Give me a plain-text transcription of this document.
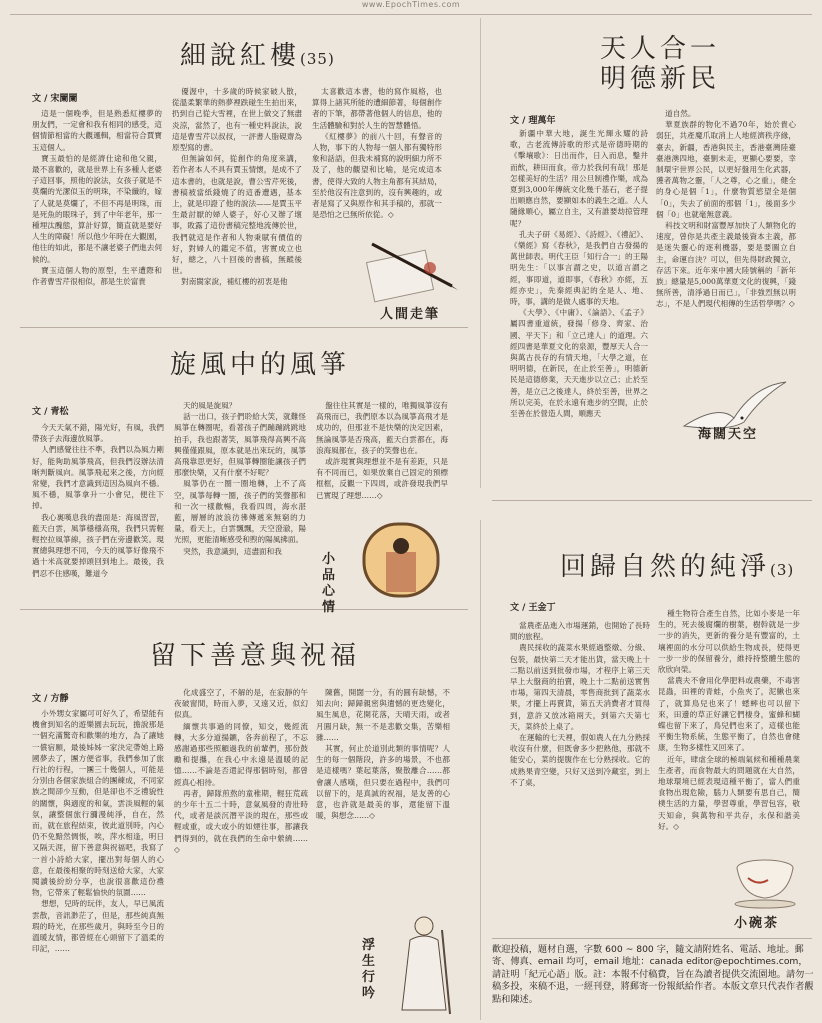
www.EpochTimes.com
細說紅樓(35)
文 / 宋闌闌

這是一個晚季，但是熟悉紅樓夢的朋友們，一定會和我有相同的感受，這個情節相當的大觀邏輯，相當符合賈寶玉這個人。

寶玉最怕的是經濟仕途和他父親，最不喜歡的，就是世界上有多種人老婆子這回事，照他的說法，女孩子就是不莫爛的光潔似玉的明珠，不染纖的，嫁了人就是莫爛了，不但不再是明珠，而是死魚的眼珠子，到了中年老年，那一種埋汰醜態，算計好算，簡直就是要好人生的障礙！所以他少年時在大觀園，他往的如此，都是不讓老婆子們進去伺候的。

寶玉這個人物的原型，生平遭際和作者曹雪芹很相似，都是生於富貴

優渥中，十多歲的時候家破人散，從溫柔繁華的熱夢裡跌碰生生拍出來，扔到自己從大雪裡，在世上做交了無盡炎涼，當然了，也有一種史料說法，說這是曹雪芹以叔叔，一評書人脂硯齋為原型寫的書。

但無論如何，從創作的角度來講，若作者本人不具有賈玉情懷，是成不了這本書的，也就是說，曹公雪芹死後，書稿被當紙錢燒了的這番遭遇，基本上，就是印證了他的說法——是賈玉平生最討厭的婦人婆子，好心又辦了壞事，敗露了這份書稿完整地流傳於世，我們就這是作者和人物秉賦有價值的好，對婦人的鑑定不值，害實成立也好，總之，八十回後的書稿，無蹤後世。

對南閩家說，補紅樓的初衷是他

太喜歡這本書，他的寫作風格，也算得上諸其所能的遭細節著，每個創作者的下筆，都帶著他個人的信息，他的生活體驗和對於人生的智慧體悟。

《紅樓夢》的前八十回，有聲音的人物，事下的人物每一個人都有獨特形象和話語，但我未補寫的說明細力所不及了，他的觀望和比喻，是完成這本書，使得大致的人物主角都有其結局，至於他沒有注意到的，沒有興趣的，或者是寫了又與原作和其手稿的，那就一是恐怕之已無所依從。◇

人間走筆
天人合一
明德新民
文 / 理萬年

新疆中華大地，誕生光輝永耀的詩歌，古老流傳詩歌的形式是帝德時期的《擊壤歌》：日出而作，日入而息，鑿井而飲，耕田而食，帝力於我何有哉！那是怎樣美好的生活？用公旦制禮作樂，成為夏到3,000年傳統文化幾千基石，老子提出順應自然，要顯如本的義生之道。人人隨緣順心，屬立自主，又有誰要劫掠管理呢？

孔夫子研《易經》、《詩經》、《禮記》、《樂經》寫《春秋》，是我們自古發揚的萬世師表。明代王臣「知行合一」的王陽明先生：「以事言謂之史，以道言謂之經，事即道，道即事，《春秋》亦經，五經亦史」，先秦經典記的全是人、地、時，事，講的是做人處事的天地。

《大學》、《中庸》、《論語》、《孟子》屬四書重道統，發揚「修身、齊家、治國、平天下」和「立己達人」的道理。六經四書是華夏文化的泉源，豐厚天人合一與萬古長存的有情天地，「大學之道，在明明德，在新民，在止於至善」，明德新民是這德修業，天天進步以立己；止於至善，是立己之後達人，終於至善，世界之所以完美，在於永遠有進步的空間，止於至善在於營造人間，順應天

道自然。

華夏族群的物化不過70年，始於貴心弱狂，共產魔爪取消上人地經濟秩序緣，臺去，新疆，香港與民主，香港臺灣陸臺臺港澳四地，臺劉未走，更顯心要要，幸制環宇世界公民，以更好盤用生化武器，獲者萬物之靈，「人之尊，心之重」，健全的身心是個「1」，什麼物質慾望全是個「0」，失去了前面的那個「1」，後面多少個「0」也就毫無意義。

科技文明和財富豐厚加快了人類物化的速度，曾你是共產主義最後資本主義，都是迷失靈心的逐利機器，要是要圖立自主，命運自決？可以，但先得財政獨立，存活下來。近年來中國大陸號稱的「新年族」總量是5,000萬華夏文化的復興，「錢無所善，清淨過日而已」，「非強烈無以明志」，不是人們現代相傳的生活哲學嗎？◇

海闊天空
旋風中的風箏
文 / 青松

今天天氣不錯，陽光好，有風，我們帶孩子去海邊放風箏。

人們感覺往往不準，我們以為風力剛好，能夠助風箏飛高，但我們沒辦法清晰判斷風向。風箏飛起來之後，方向經常變，我們才意識到這因為風向不穩。風不穩，風箏拿升一小會兒，便往下掉。

我心裏嘆息我的盡面是：海風習習，藍天白雲，風箏穩穩高飛，我們只需輕輕控拉風箏線，孩子們在旁邊歡笑。現實總與理想不同，今天的風箏好像飛不過十米高就要掉頭回到地上。最後，我們忍不住感嘆，難道今

天的風是旋風？

話一出口，孩子們聆給大笑，就難怪風箏在轉圈呢，看著孩子們蹦蹦跳跳地拍手，我也跟著笑，風箏飛得高興不高興僅僅跟風，原本就是出來玩的，風箏高飛靠思更好，但風箏轉圈能讓孩子們那麼快樂，又有什麼不好呢？

風箏仍在一圈一圈地轉，上不了高空，風箏每轉一圈，孩子們的笑聲都和和一次一樣歡暢，我看四周，海水湛藍，層層的波浪彷彿傳遞來無窮的力量，看天上，白雲飄飄，天空澄澈，陽光照，更能清晰感受和煦的陽風拂面。

突然，我意識到，這盡面和我

盤往往其實是一樣的，唯獨風箏沒有高飛而已，我們原本以為風箏高飛才是成功的，但那並不是快樂的決定因素，無論風箏是否飛高，藍天白雲都在，海浪海風都在，孩子的笑聲也在。

或許現實與理想並不是有差距，只是有不同而已，如果放棄自己固定的預標框框，反觀一下四周，或許發現我們早已實現了理想……◇

小品心情
回歸自然的純淨(3)
文 / 王金丁

當農產品進入市場運銷，也開始了長時間的旅程。

農民採收的蔬菜水果經過整燉、分級、包裝，最快第二天才能出貨，當天晚上十二點以前送到批發市場，才程序上第三天早上大盤商的拍賣，晚上十二點前送實售市場，第四天清晨，零售商批到了蔬菜水果，才擺上再賣貨，第五天消費者才買得到，意許又放冰箱兩天，到第六天第七天，菜終於上桌了。

在運輸的七天裡，假如農人在九分熟採收沒有什麼，但既會多少把熟他，那就不能安心，菜的提腹作在七分熟採收。它的成熟果青空變，只好又送到冷藏室，到上不了桌，

種生物符合產生自然，比如小麥是一年生的，死去後腐爛的樹葉，樹幹就是一步一步的消失，更新的養分是有豐富的，土壤裡面的水分可以供給生物成長，使得更一步一步的保留養分，維持持整體生態的欣欣向榮。

當農夫不會用化學肥料或農藥，不毒害昆蟲，田裡的青蛙，小魚夾了，泥鰍也來了，就算鳥兒也來了！蟋蟀也可以留下來，田邊的草正好讓它們棲身，蜜蜂和蝴蝶也留下來了，鳥兒們也來了，這樣也能平衡生物系統，生態平衡了，自然也會健康，生物多樣性又回來了。

近年，肆虐全球的極端氣候和種種農業生產者，而食物最大的問題就在大自然，地球環境已經表現這種平衡了，當人們重食物出現危險，腦力人類要有思自己，簡樸生活的力量，學習尊重，學習包容，敬天知命，與萬物和平共存，永保和諧美好。◇

小碗茶
留下善意與祝福
文 / 方靜

小外甥女家屬可可好久了，希望能有機會到知名的遊樂園去玩玩，擔說那是一個充滿驚奇和歡樂的地方，為了讓她一償宿願，最後姊姊一家決定帶她上路國夢去了，團方便省事，我們參加了旅行社的行程，一團三十幾個人，可能是分別由各個家族組合的團練成，不同家族之間卻少互動，但是卻也不乏禮貌性的關懷，與適度的和氣，雲淡風輕的氣氛，讓整個旅行瀰漫純淨，自在，然而，就在旅程結束，彼此道別時，內心仍不免黯然惆悵，唉，萍水相逢，明日又隔天涯，留下善意與祝福吧，我寫了一首小詩給大家，擺出對每個人的心意，在最後相聚的時刻送給大家，大家閱讀後紛紛分享，也說很喜歡這份禮物，它帶來了輕鬆愉快的氛圍……

想想，兒時的玩伴，友人，早已風流雲散，音訊渺茫了，但是，那些純真無瑕的時光，在那些歲月，與時至今日的溫暖友情，都曾經在心頭留下了溫柔的印記，……

化成盛空了，不解的是，在寂靜的午夜破窗間，時而入夢，又遠又近，似幻似真。

緬懷共事過的同僚，知交，幾經流轉，大多分道揚鑣，各奔前程了，不忘感謝過那些照顧過我的前輩們，那份鼓勵和提攜，在我心中永遠是溫暖的記憶……不論是否還記得那個時刻，都曾經真心相待。

再者，歸隊煎熬的童稚期，輕狂荒疏的少年十五二十時，意氣風發的青壯時代，或者是談沉潛平淡的現在，那些或輕或重，或大或小的如煙往事，都讓我們得到的，就在我們的生命中縈繞……◇

陳舊，開闊一分，有的圓有缺憾，不知去向；歸歸親密與遺憾的更迭變化，風生風息，花開花落，天晴天雨，或者月圓月缺，無一不是悲歡交集，苦樂相雜……

其實，何止於道別此類的事情呢？人生的每一個階段，許多的場景，不也都是這樣嗎？葉起葉落，聚散離合……都會讓人感嘆，但只要在過程中，我們可以留下的，是真誠的祝福，是友善的心意，也許就是最美的事，還能留下溫暖，與想念……◇

浮生行吟
歡迎投稿，題材自選，字數 600 ~ 800 字，隨文請附姓名、電話、地址。郵寄、傳真、email 均可，email 地址：canada editor@epochtimes.com，請註明「紀元心語」版。註：本報不付稿費，旨在為讀者提供交流園地。請勿一稿多投，來稿不退，一經刊登，將郵寄一份報紙給作者。本版文章只代表作者觀點和陳述。
